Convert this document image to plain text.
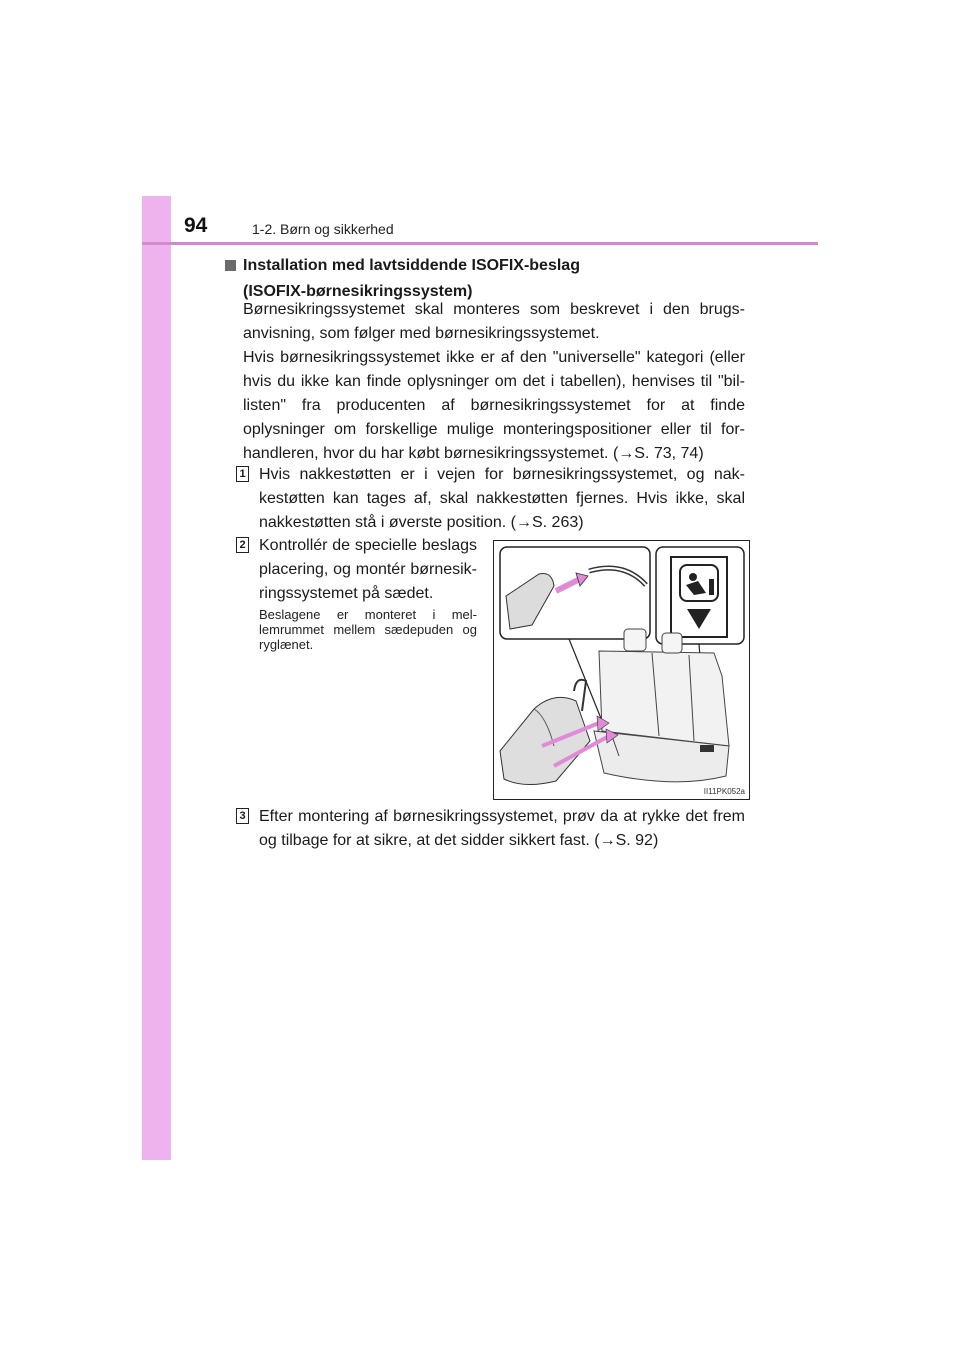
94	1-2. Børn og sikkerhed
Installation med lavtsiddende ISOFIX-beslag
(ISOFIX-børnesikringssystem)
Børnesikringssystemet skal monteres som beskrevet i den brugs-anvisning, som følger med børnesikringssystemet.
Hvis børnesikringssystemet ikke er af den "universelle" kategori (eller hvis du ikke kan finde oplysninger om det i tabellen), henvises til "bil-listen" fra producenten af børnesikringssystemet for at finde oplysninger om forskellige mulige monteringspositioner eller til for-handleren, hvor du har købt børnesikringssystemet. (→S. 73, 74)
1 Hvis nakkestøtten er i vejen for børnesikringssystemet, og nak-kestøtten kan tages af, skal nakkestøtten fjernes. Hvis ikke, skal nakkestøtten stå i øverste position. (→S. 263)
2 Kontrollér de specielle beslags placering, og montér børnesik-ringssystemet på sædet.
Beslagene er monteret i mel-lemrummet mellem sædepuden og ryglænet.
II11PK052a
3 Efter montering af børnesikringssystemet, prøv da at rykke det frem og tilbage for at sikre, at det sidder sikkert fast. (→S. 92)
